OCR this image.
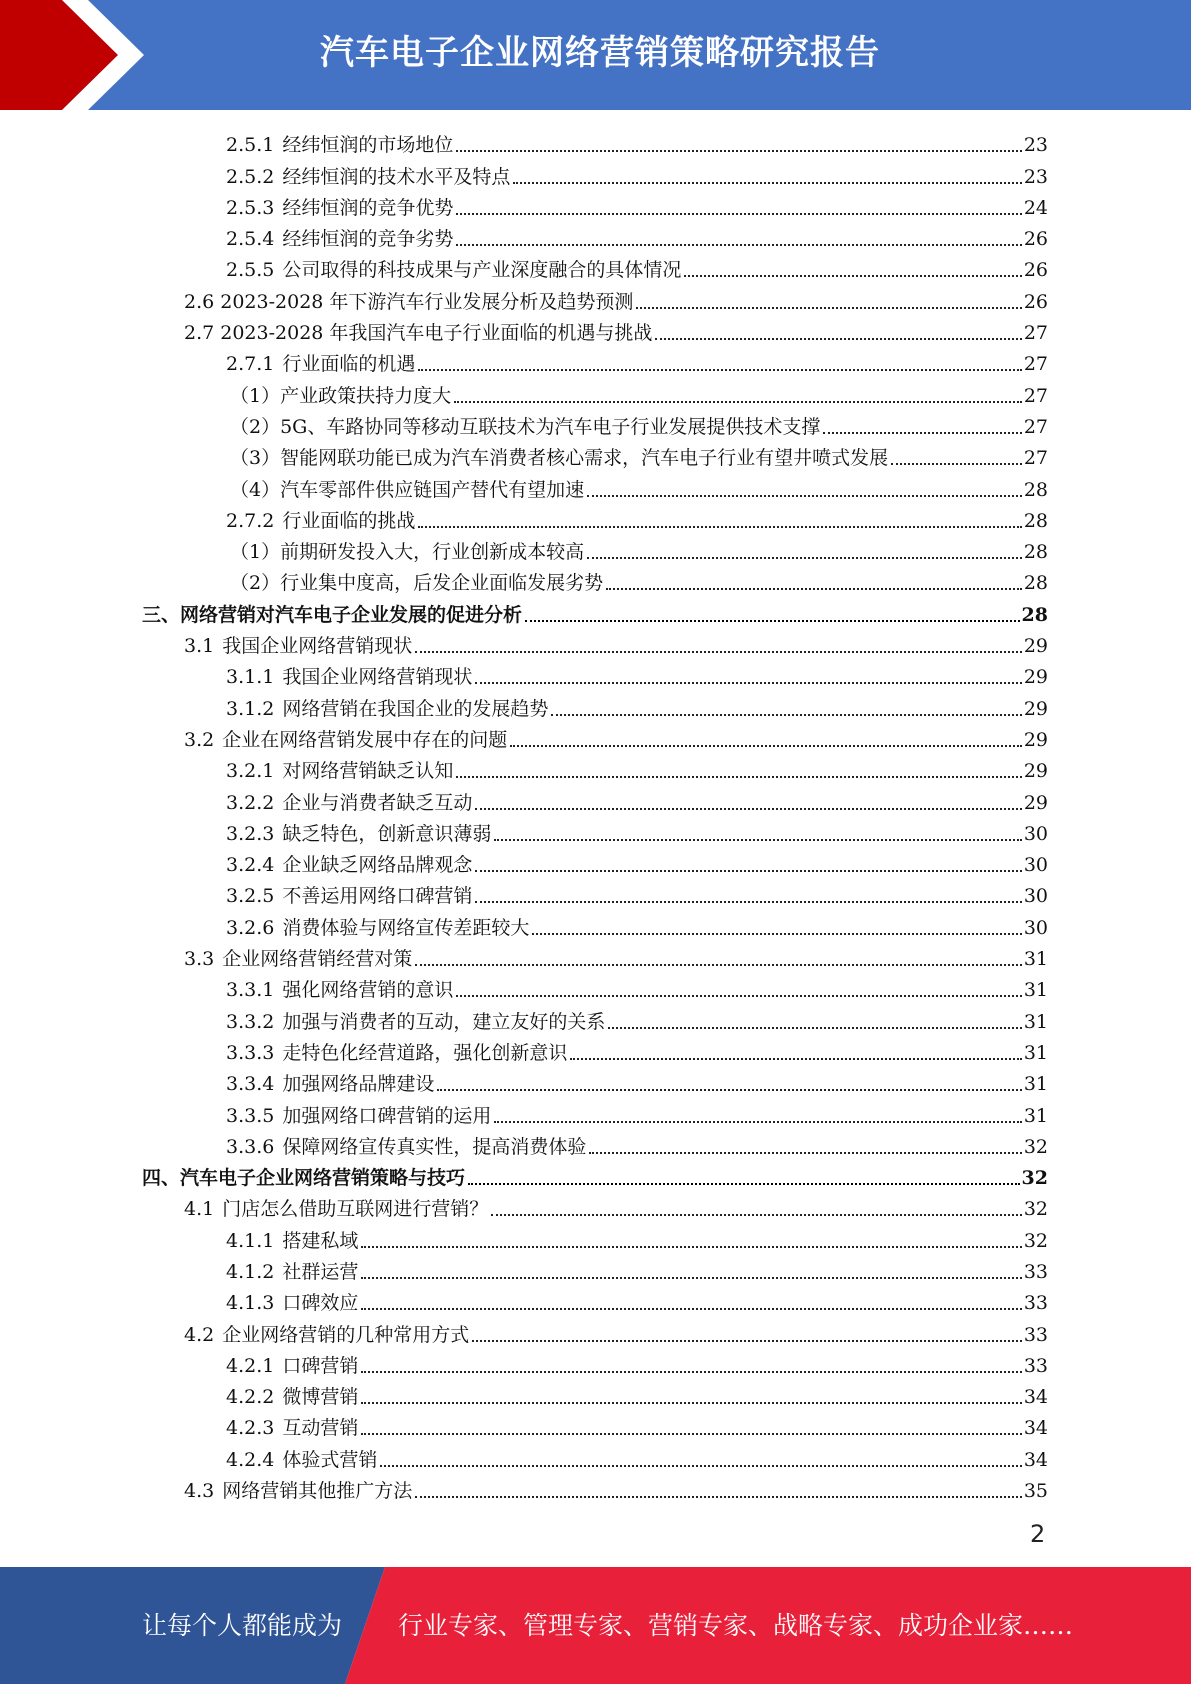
汽车电子企业网络营销策略研究报告
2.5.1 经纬恒润的市场地位	23
2.5.2 经纬恒润的技术水平及特点	23
2.5.3 经纬恒润的竞争优势	24
2.5.4 经纬恒润的竞争劣势	26
2.5.5 公司取得的科技成果与产业深度融合的具体情况	26
2.6 2023-2028 年下游汽车行业发展分析及趋势预测	26
2.7 2023-2028 年我国汽车电子行业面临的机遇与挑战	27
2.7.1 行业面临的机遇	27
（1）产业政策扶持力度大	27
（2）5G、车路协同等移动互联技术为汽车电子行业发展提供技术支撑	27
（3）智能网联功能已成为汽车消费者核心需求，汽车电子行业有望井喷式发展	27
（4）汽车零部件供应链国产替代有望加速	28
2.7.2 行业面临的挑战	28
（1）前期研发投入大，行业创新成本较高	28
（2）行业集中度高，后发企业面临发展劣势	28
三、网络营销对汽车电子企业发展的促进分析	28
3.1 我国企业网络营销现状	29
3.1.1 我国企业网络营销现状	29
3.1.2 网络营销在我国企业的发展趋势	29
3.2 企业在网络营销发展中存在的问题	29
3.2.1 对网络营销缺乏认知	29
3.2.2 企业与消费者缺乏互动	29
3.2.3 缺乏特色，创新意识薄弱	30
3.2.4 企业缺乏网络品牌观念	30
3.2.5 不善运用网络口碑营销	30
3.2.6 消费体验与网络宣传差距较大	30
3.3 企业网络营销经营对策	31
3.3.1 强化网络营销的意识	31
3.3.2 加强与消费者的互动，建立友好的关系	31
3.3.3 走特色化经营道路，强化创新意识	31
3.3.4 加强网络品牌建设	31
3.3.5 加强网络口碑营销的运用	31
3.3.6 保障网络宣传真实性，提高消费体验	32
四、汽车电子企业网络营销策略与技巧	32
4.1 门店怎么借助互联网进行营销？	32
4.1.1 搭建私域	32
4.1.2 社群运营	33
4.1.3 口碑效应	33
4.2 企业网络营销的几种常用方式	33
4.2.1 口碑营销	33
4.2.2 微博营销	34
4.2.3 互动营销	34
4.2.4 体验式营销	34
4.3 网络营销其他推广方法	35
2
让每个人都能成为 行业专家、管理专家、营销专家、战略专家、成功企业家……
